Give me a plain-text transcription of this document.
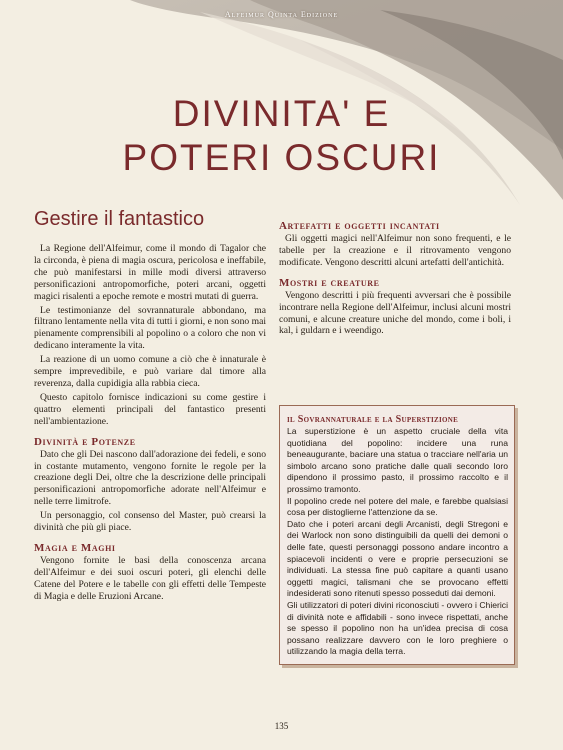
Alfeimur Quinta Edizione
DIVINITA' E
POTERI OSCURI
Gestire il fantastico

La Regione dell'Alfeimur, come il mondo di Tagalor che la circonda, è piena di magia oscura, pericolosa e ineffabile, che può manifestarsi in mille modi diversi attraverso personificazioni antropomorfiche, poteri arcani, oggetti magici risalenti a epoche remote e mostri mutati di guerra.

Le testimonianze del sovrannaturale abbondano, ma filtrano lentamente nella vita di tutti i giorni, e non sono mai pienamente comprensibili al popolino o a coloro che non vi dedicano interamente la vita.

La reazione di un uomo comune a ciò che è innaturale è sempre imprevedibile, e può variare dal timore alla reverenza, dalla cupidigia alla rabbia cieca.

Questo capitolo fornisce indicazioni su come gestire i quattro elementi principali del fantastico presenti nell'ambientazione.

Divinità e Potenze

Dato che gli Dei nascono dall'adorazione dei fedeli, e sono in costante mutamento, vengono fornite le regole per la creazione degli Dei, oltre che la descrizione delle principali personificazioni antropomorfiche adorate nell'Alfeimur e nelle terre limitrofe.

Un personaggio, col consenso del Master, può crearsi la divinità che più gli piace.

Magia e Maghi

Vengono fornite le basi della conoscenza arcana dell'Alfeimur e dei suoi oscuri poteri, gli elenchi delle Catene del Potere e le tabelle con gli effetti delle Tempeste di Magia e delle Eruzioni Arcane.

Artefatti e oggetti incantati

Gli oggetti magici nell'Alfeimur non sono frequenti, e le tabelle per la creazione e il ritrovamento vengono modificate. Vengono descritti alcuni artefatti dell'antichità.

Mostri e creature

Vengono descritti i più frequenti avversari che è possibile incontrare nella Regione dell'Alfeimur, inclusi alcuni mostri comuni, e alcune creature uniche del mondo, come i boli, i kal, i guldarn e i weendigo.

il Sovrannaturale e la Superstizione

La superstizione è un aspetto cruciale della vita quotidiana del popolino: incidere una runa beneaugurante, baciare una statua o tracciare nell'aria un simbolo arcano sono pratiche dalle quali secondo loro dipendono il prossimo pasto, il prossimo raccolto e il prossimo tramonto.

Il popolino crede nel potere del male, e farebbe qualsiasi cosa per distoglierne l'attenzione da se.

Dato che i poteri arcani degli Arcanisti, degli Stregoni e dei Warlock non sono distinguibili da quelli dei demoni o delle fate, questi personaggi possono andare incontro a spiacevoli incidenti o vere e proprie persecuzioni se individuati. La stessa fine può capitare a quanti usano oggetti magici, talismani che se provocano effetti indesiderati sono ritenuti spesso posseduti dai demoni.

Gli utilizzatori di poteri divini riconosciuti - ovvero i Chierici di divinità note e affidabili - sono invece rispettati, anche se spesso il popolino non ha un'idea precisa di cosa possano realizzare davvero con le loro preghiere o utilizzando la magia della terra.

135
